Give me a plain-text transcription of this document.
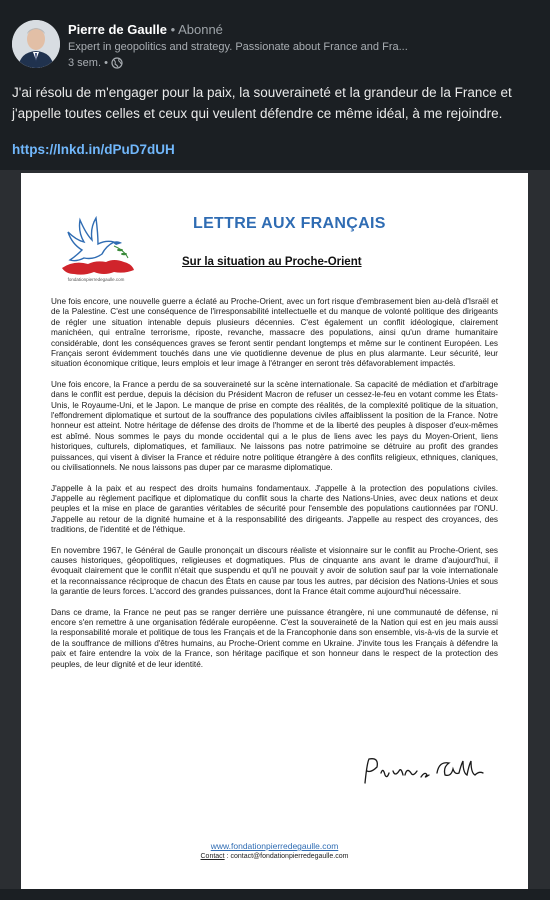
Pierre de Gaulle • Abonné
Expert in geopolitics and strategy. Passionate about France and Fra...
3 sem. •
J'ai résolu de m'engager pour la paix, la souveraineté et la grandeur de la France et j'appelle toutes celles et ceux qui veulent défendre ce même idéal, à me rejoindre.
https://lnkd.in/dPuD7dUH
fondationpierredegaulle.com
LETTRE AUX FRANÇAIS
Sur la situation au Proche-Orient

Une fois encore, une nouvelle guerre a éclaté au Proche-Orient, avec un fort risque d'embrasement bien au-delà d'Israël et de la Palestine. C'est une conséquence de l'irresponsabilité intellectuelle et du manque de volonté politique des dirigeants de régler une situation intenable depuis plusieurs décennies. C'est également un conflit idéologique, clairement manichéen, qui entraîne terrorisme, riposte, revanche, massacre des populations, ainsi qu'un drame humanitaire considérable, dont les conséquences graves se feront sentir pendant longtemps et même sur le continent Européen. Les Français seront évidemment touchés dans une vie quotidienne devenue de plus en plus alarmante. Leur sécurité, leur situation économique critique, leurs emplois et leur image à l'étranger en seront très défavorablement impactés.

Une fois encore, la France a perdu de sa souveraineté sur la scène internationale. Sa capacité de médiation et d'arbitrage dans le conflit est perdue, depuis la décision du Président Macron de refuser un cessez-le-feu en votant comme les États-Unis, le Royaume-Uni, et le Japon. Le manque de prise en compte des réalités, de la complexité politique de la situation, l'effondrement diplomatique et surtout de la souffrance des populations civiles affaiblissent la position de la France. Notre honneur est atteint. Notre héritage de défense des droits de l'homme et de la liberté des peuples à disposer d'eux-mêmes est abîmé. Nous sommes le pays du monde occidental qui a le plus de liens avec les pays du Moyen-Orient, liens historiques, culturels, diplomatiques, et familiaux. Ne laissons pas notre patrimoine se détruire au profit des grandes puissances, qui visent à diviser la France et réduire notre politique étrangère à des conflits religieux, ethniques, claniques, ou civilisationnels. Ne nous laissons pas duper par ce marasme diplomatique.

J'appelle à la paix et au respect des droits humains fondamentaux. J'appelle à la protection des populations civiles. J'appelle au règlement pacifique et diplomatique du conflit sous la charte des Nations-Unies, avec deux nations et deux peuples et la mise en place de garanties véritables de sécurité pour l'ensemble des populations cautionnées par l'ONU. J'appelle au retour de la dignité humaine et à la responsabilité des dirigeants. J'appelle au respect des croyances, des traditions, de l'identité et de l'éthique.

En novembre 1967, le Général de Gaulle prononçait un discours réaliste et visionnaire sur le conflit au Proche-Orient, ses causes historiques, géopolitiques, religieuses et dogmatiques. Plus de cinquante ans avant le drame d'aujourd'hui, il évoquait clairement que le conflit n'était que suspendu et qu'il ne pouvait y avoir de solution sauf par la voie internationale et la reconnaissance réciproque de chacun des États en cause par tous les autres, par décision des Nations-Unies et sous la garantie de leurs forces. L'accord des grandes puissances, dont la France était comme aujourd'hui nécessaire.

Dans ce drame, la France ne peut pas se ranger derrière une puissance étrangère, ni une communauté de défense, ni encore s'en remettre à une organisation fédérale européenne. C'est la souveraineté de la Nation qui est en jeu mais aussi la responsabilité morale et politique de tous les Français et de la Francophonie dans son ensemble, vis-à-vis de la survie et de la souffrance de millions d'êtres humains, au Proche-Orient comme en Ukraine. J'invite tous les Français à défendre la paix et faire entendre la voix de la France, son héritage pacifique et son honneur dans le respect de la protection des peuples, de leur dignité et de leur identité.

www.fondationpierredegaulle.com
Contact : contact@fondationpierredegaulle.com
